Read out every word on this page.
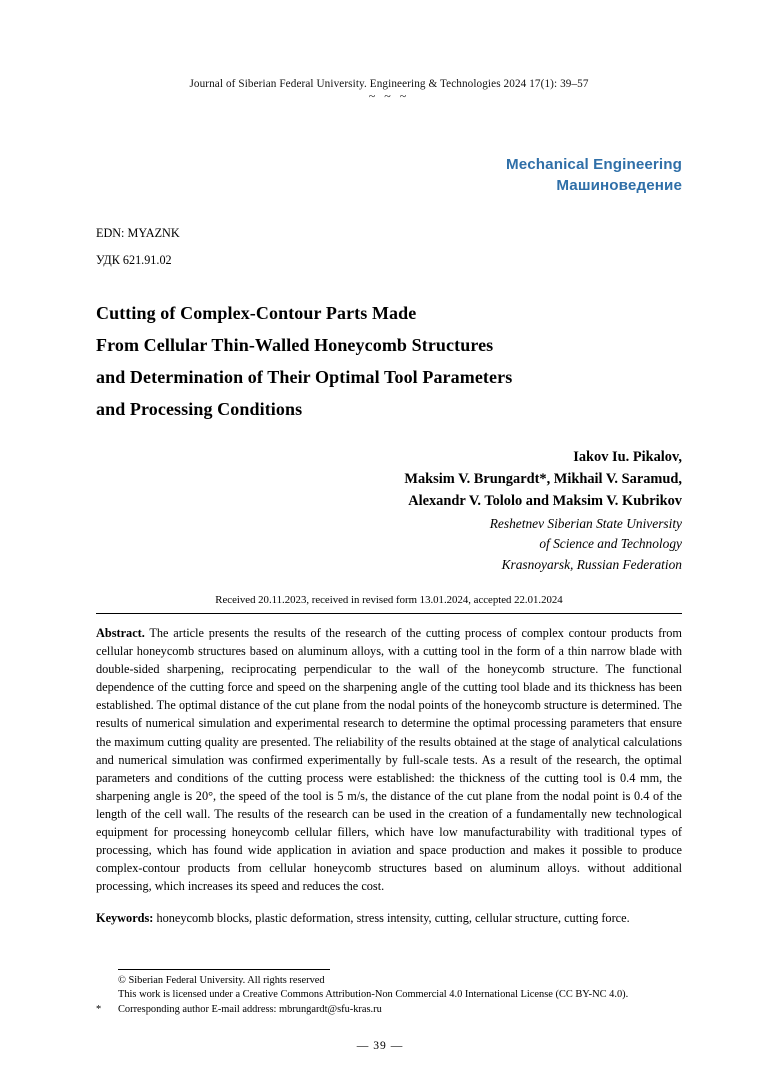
Journal of Siberian Federal University. Engineering & Technologies 2024 17(1): 39–57
~ ~ ~
Mechanical Engineering
Машиноведение
EDN: MYAZNK
УДК 621.91.02
Cutting of Complex-Contour Parts Made
From Cellular Thin-Walled Honeycomb Structures
and Determination of Their Optimal Tool Parameters
and Processing Conditions
Iakov Iu. Pikalov,
Maksim V. Brungardt*, Mikhail V. Saramud,
Alexandr V. Tololo and Maksim V. Kubrikov
Reshetnev Siberian State University
of Science and Technology
Krasnoyarsk, Russian Federation
Received 20.11.2023, received in revised form 13.01.2024, accepted 22.01.2024
Abstract. The article presents the results of the research of the cutting process of complex contour products from cellular honeycomb structures based on aluminum alloys, with a cutting tool in the form of a thin narrow blade with double-sided sharpening, reciprocating perpendicular to the wall of the honeycomb structure. The functional dependence of the cutting force and speed on the sharpening angle of the cutting tool blade and its thickness has been established. The optimal distance of the cut plane from the nodal points of the honeycomb structure is determined. The results of numerical simulation and experimental research to determine the optimal processing parameters that ensure the maximum cutting quality are presented. The reliability of the results obtained at the stage of analytical calculations and numerical simulation was confirmed experimentally by full-scale tests. As a result of the research, the optimal parameters and conditions of the cutting process were established: the thickness of the cutting tool is 0.4 mm, the sharpening angle is 20°, the speed of the tool is 5 m/s, the distance of the cut plane from the nodal point is 0.4 of the length of the cell wall. The results of the research can be used in the creation of a fundamentally new technological equipment for processing honeycomb cellular fillers, which have low manufacturability with traditional types of processing, which has found wide application in aviation and space production and makes it possible to produce complex-contour products from cellular honeycomb structures based on aluminum alloys. without additional processing, which increases its speed and reduces the cost.
Keywords: honeycomb blocks, plastic deformation, stress intensity, cutting, cellular structure, cutting force.
© Siberian Federal University. All rights reserved
This work is licensed under a Creative Commons Attribution-Non Commercial 4.0 International License (CC BY-NC 4.0).
* Corresponding author E-mail address: mbrungardt@sfu-kras.ru
— 39 —
